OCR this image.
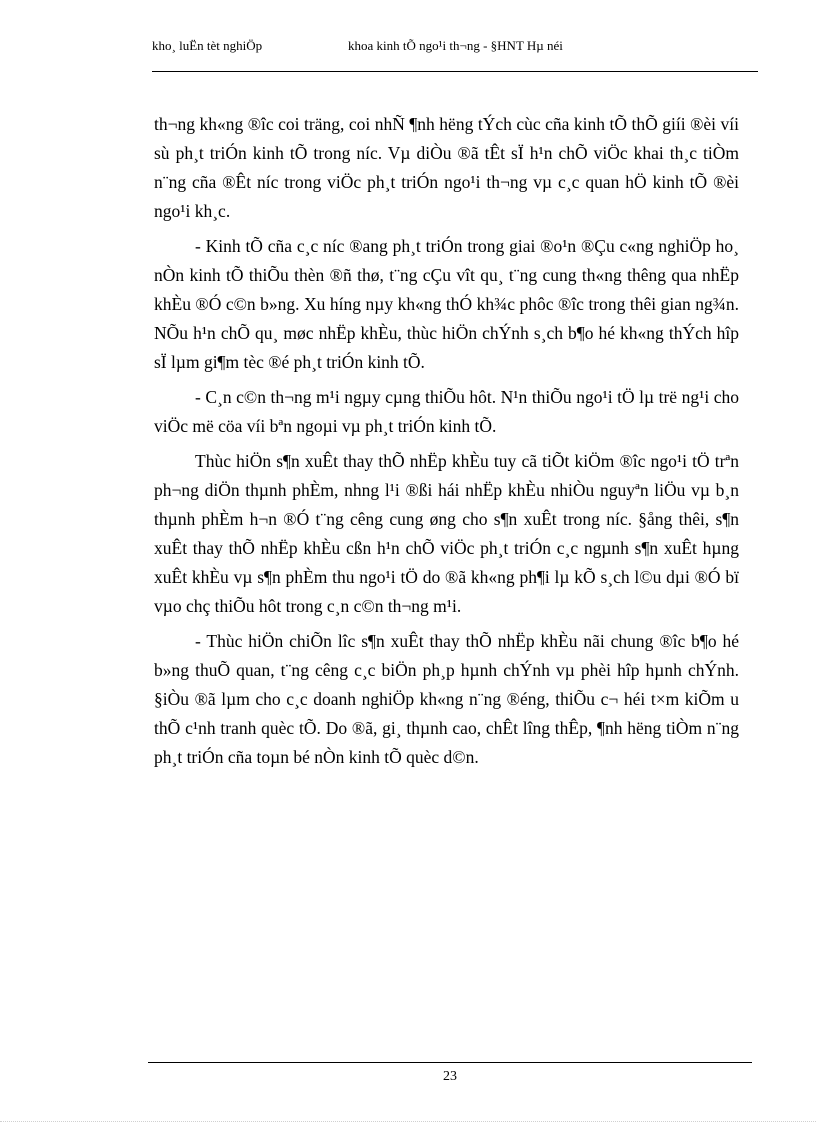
kho¸ luËn tèt nghiÖp	khoa kinh tÕ ngo¹i th¬ng - §HNT Hµ néi

th¬ng kh«ng ®îc coi träng, coi nhÑ ¶nh hëng tÝch cùc cña kinh tÕ thÕ giíi ®èi víi sù ph¸t triÓn kinh tÕ trong níc. Vµ diÒu ®ã tÊt sÏ h¹n chÕ viÖc khai th¸c tiÒm n¨ng cña ®Êt níc trong viÖc ph¸t triÓn ngo¹i th¬ng vµ c¸c quan hÖ kinh tÕ ®èi ngo¹i kh¸c.

- Kinh tÕ cña c¸c níc ®ang ph¸t triÓn trong giai ®o¹n ®Çu c«ng nghiÖp ho¸ nÒn kinh tÕ thiÕu thèn ®ñ thø, t¨ng cÇu vît qu¸ t¨ng cung th«ng thêng qua nhËp khÈu ®Ó c©n b»ng. Xu híng nµy kh«ng thÓ kh¾c phôc ®îc trong thêi gian ng¾n. NÕu h¹n chÕ qu¸ møc nhËp khÈu, thùc hiÖn chÝnh s¸ch b¶o hé kh«ng thÝch hîp sÏ lµm gi¶m tèc ®é ph¸t triÓn kinh tÕ.

- C¸n c©n th¬ng m¹i ngµy cµng thiÕu hôt. N¹n thiÕu ngo¹i tÖ lµ trë ng¹i cho viÖc më cöa víi bªn ngoµi vµ ph¸t triÓn kinh tÕ.

Thùc hiÖn s¶n xuÊt thay thÕ nhËp khÈu tuy cã tiÕt kiÖm ®îc ngo¹i tÖ trªn ph¬ng diÖn thµnh phÈm, nhng l¹i ®ßi hái nhËp khÈu nhiÒu nguyªn liÖu vµ b¸n thµnh phÈm h¬n ®Ó t¨ng cêng cung øng cho s¶n xuÊt trong níc. §ång thêi, s¶n xuÊt thay thÕ nhËp khÈu cßn h¹n chÕ viÖc ph¸t triÓn c¸c ngµnh s¶n xuÊt hµng xuÊt khÈu vµ s¶n phÈm thu ngo¹i tÖ do ®ã kh«ng ph¶i lµ kÕ s¸ch l©u dµi ®Ó bï vµo chç thiÕu hôt trong c¸n c©n th¬ng m¹i.

- Thùc hiÖn chiÕn lîc s¶n xuÊt thay thÕ nhËp khÈu nãi chung ®îc b¶o hé b»ng thuÕ quan, t¨ng cêng c¸c biÖn ph¸p hµnh chÝnh vµ phèi hîp hµnh chÝnh. §iÒu ®ã lµm cho c¸c doanh nghiÖp kh«ng n¨ng ®éng, thiÕu c¬ héi t×m kiÕm u thÕ c¹nh tranh quèc tÕ. Do ®ã, gi¸ thµnh cao, chÊt lîng thÊp, ¶nh hëng tiÒm n¨ng ph¸t triÓn cña toµn bé nÒn kinh tÕ quèc d©n.

23
